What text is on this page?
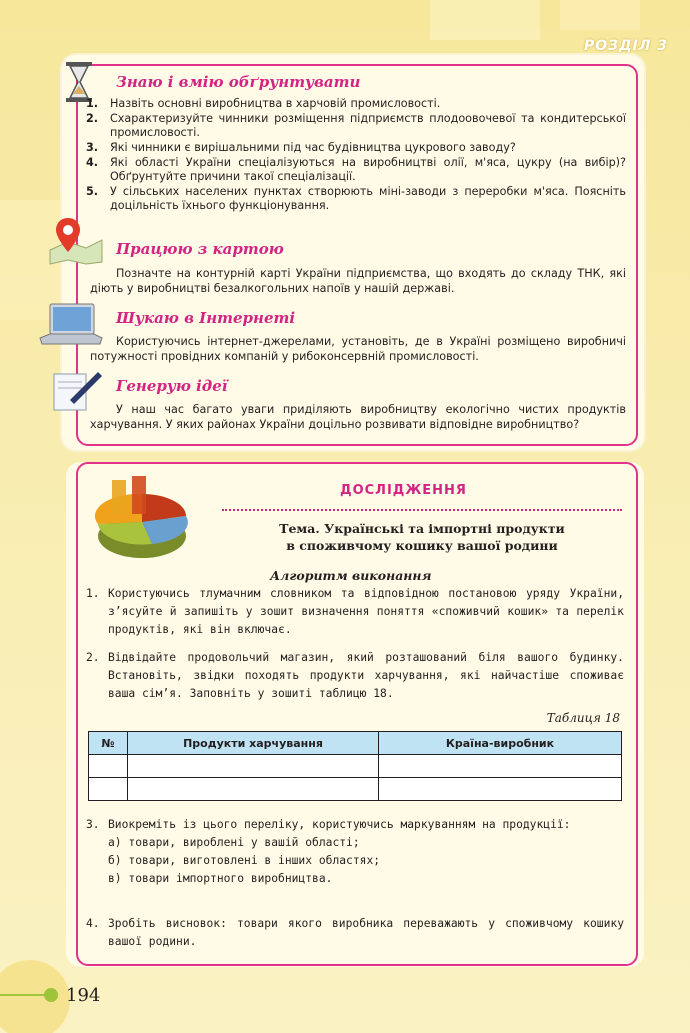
РОЗДІЛ 3
Знаю і вмію обґрунтувати
1.	Назвіть основні виробництва в харчовій промисловості.
2.	Схарактеризуйте чинники розміщення підприємств плодоовочевої та кондитерської промисловості.
3.	Які чинники є вирішальними під час будівництва цукрового заводу?
4.	Які області України спеціалізуються на виробництві олії, м'яса, цукру (на вибір)? Обґрунтуйте причини такої спеціалізації.
5.	У сільських населених пунктах створюють міні-заводи з переробки м'яса. Поясніть доцільність їхнього функціонування.
Працюю з картою
Позначте на контурній карті України підприємства, що входять до складу ТНК, які діють у виробництві безалкогольних напоїв у нашій державі.
Шукаю в Інтернеті
Користуючись інтернет-джерелами, установіть, де в Україні розміщено виробничі потужності провідних компаній у рибоконсервній промисловості.
Генерую ідеї
У наш час багато уваги приділяють виробництву екологічно чистих продуктів харчування. У яких районах України доцільно розвивати відповідне виробництво?
ДОСЛІДЖЕННЯ
Тема. Українські та імпортні продукти
в споживчому кошику вашої родини
Алгоритм виконання
1. Користуючись тлумачним словником та відповідною постановою уряду України, з’ясуйте й запишіть у зошит визначення поняття «споживчий кошик» та перелік продуктів, які він включає.
2. Відвідайте продовольчий магазин, який розташований біля вашого будинку. Встановіть, звідки походять продукти харчування, які найчастіше споживає ваша сім’я. Заповніть у зошиті таблицю 18.
Таблиця 18
№	Продукти харчування	Країна-виробник

3. Виокреміть із цього переліку, користуючись маркуванням на продукції:
а) товари, вироблені у вашій області;
б) товари, виготовлені в інших областях;
в) товари імпортного виробництва.
4. Зробіть висновок: товари якого виробника переважають у споживчому кошику вашої родини.
194
